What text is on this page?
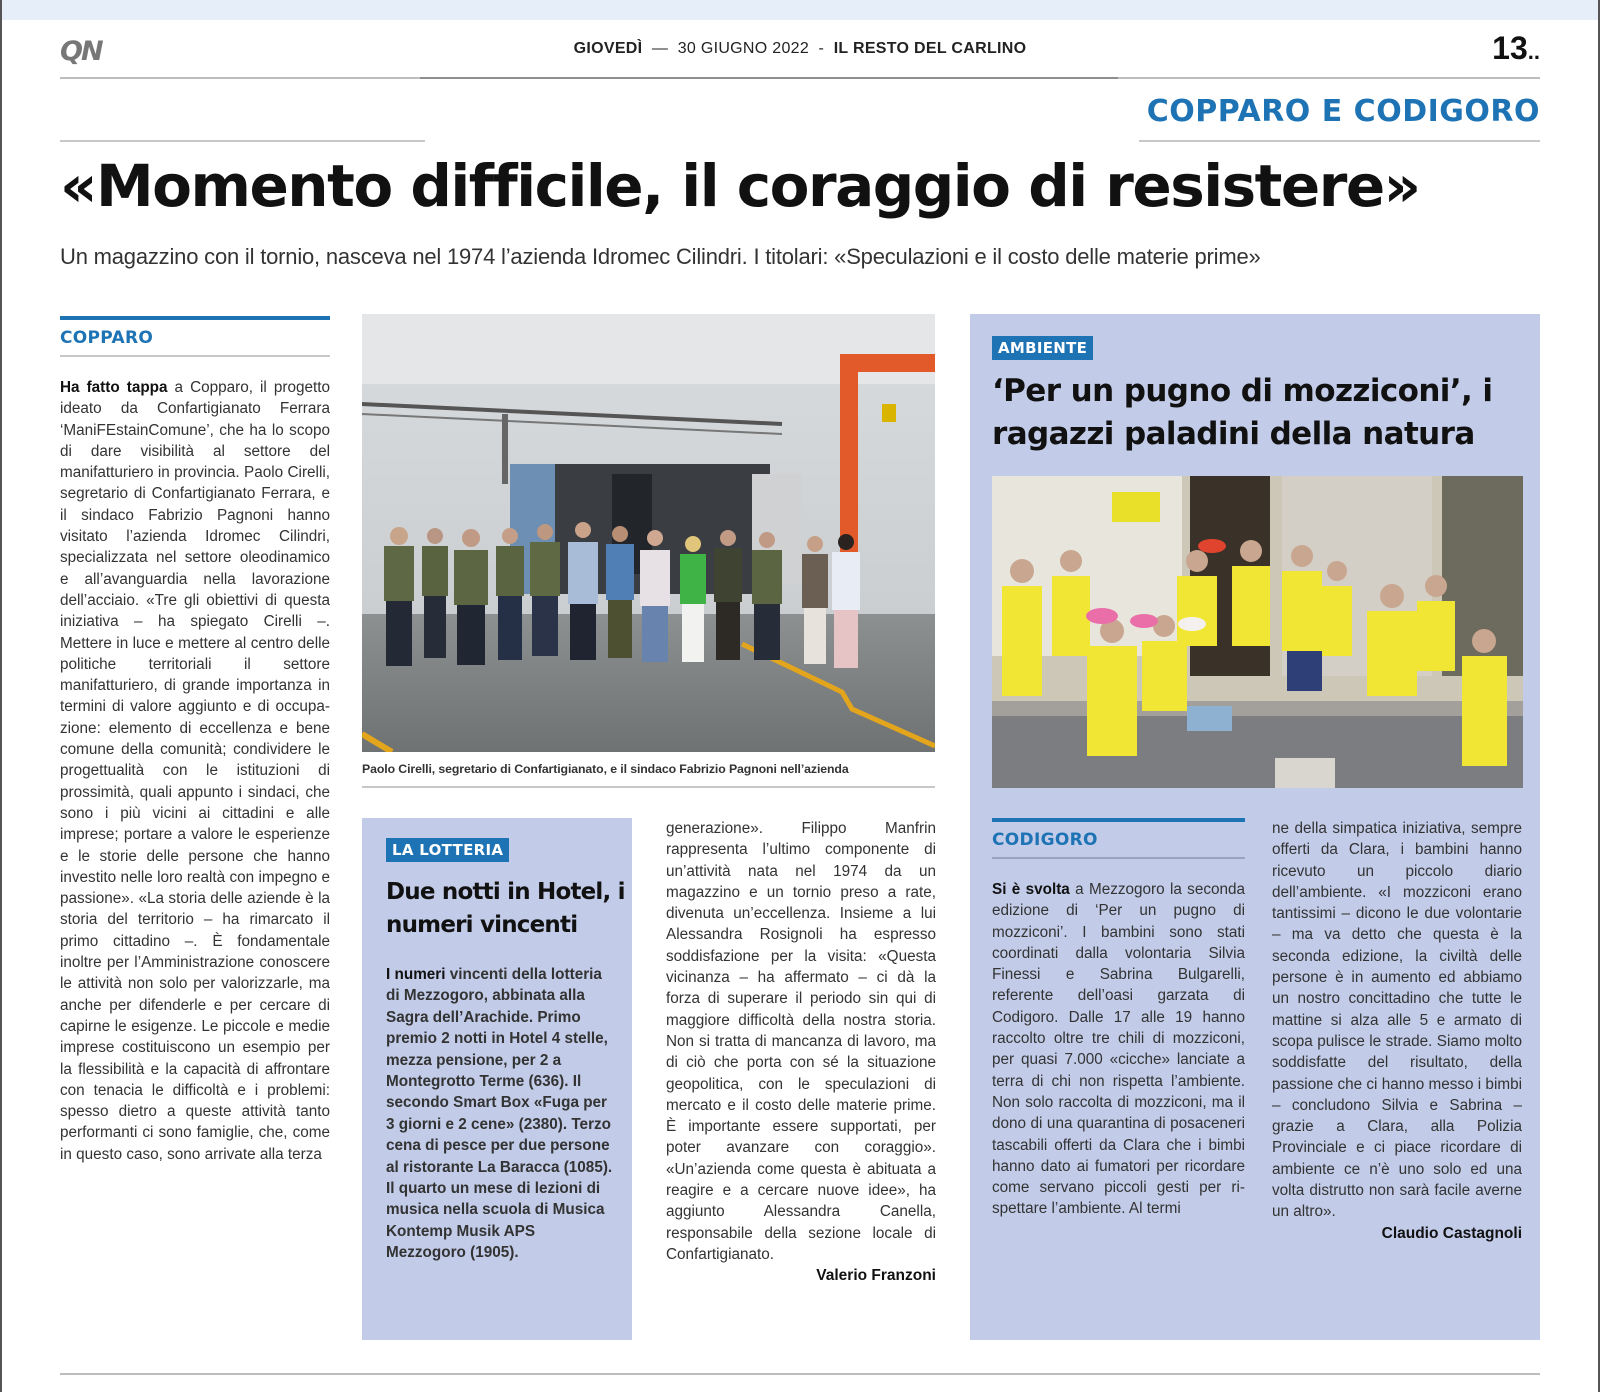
QN	GIOVEDÌ  —  30 GIUGNO 2022  -  IL RESTO DEL CARLINO	13..
COPPARO E CODIGORO
«Momento difficile, il coraggio di resistere»
Un magazzino con il tornio, nasceva nel 1974 l’azienda Idromec Cilindri. I titolari: «Speculazioni e il costo delle materie prime»
COPPARO
Ha fatto tappa a Copparo, il progetto ideato da Confartigianato Ferrara ‘ManiFEstainComune’, che ha lo scopo di dare visibilità al settore del manifatturiero in provincia. Paolo Cirelli, segretario di Confartigianato Ferrara, e il sindaco Fabrizio Pagnoni hanno visitato l’azienda Idromec Cilindri, specializzata nel settore oleodinamico e all’avanguardia nella lavorazione dell’acciaio. «Tre gli obiettivi di questa iniziativa – ha spiegato Cirelli –. Mettere in luce e mettere al centro delle politiche territoriali il settore manifatturiero, di grande importanza in termini di valore aggiunto e di occupazione: elemento di eccellenza e bene comune della comunità; condividere le progettualità con le istituzioni di prossimità, quali appunto i sindaci, che sono i più vicini ai cittadini e alle imprese; portare a valore le esperienze e le storie delle persone che hanno investito nelle loro realtà con impegno e passione». «La storia delle aziende è la storia del territorio – ha rimarcato il primo cittadino –. È fondamentale inoltre per l’Amministrazione conoscere le attività non solo per valorizzarle, ma anche per difenderle e per cercare di capirne le esigenze. Le piccole e medie imprese costituiscono un esempio per la flessibilità e la capacità di affrontare con tenacia le difficoltà e i problemi: spesso dietro a queste attività tanto performanti ci sono famiglie, che, come in questo caso, sono arrivate alla terza
Paolo Cirelli, segretario di Confartigianato, e il sindaco Fabrizio Pagnoni nell’azienda
LA LOTTERIA
Due notti in Hotel, i numeri vincenti
I numeri vincenti della lotteria di Mezzogoro, abbinata alla Sagra dell’Arachide. Primo premio 2 notti in Hotel 4 stelle, mezza pensione, per 2 a Montegrotto Terme (636). Il secondo Smart Box «Fuga per 3 giorni e 2 cene» (2380). Terzo cena di pesce per due persone al ristorante La Baracca (1085). Il quarto un mese di lezioni di musica nella scuola di Musica Kontemp Musik APS Mezzogoro (1905).
generazione». Filippo Manfrin rappresenta l’ultimo componente di un’attività nata nel 1974 da un magazzino e un tornio preso a rate, divenuta un’eccellenza. Insieme a lui Alessandra Rosignoli ha espresso soddisfazione per la visita: «Questa vicinanza – ha affermato – ci dà la forza di superare il periodo sin qui di maggiore difficoltà della nostra storia. Non si tratta di mancanza di lavoro, ma di ciò che porta con sé la situazione geopolitica, con le speculazioni di mercato e il costo delle materie prime. È importante essere supportati, per poter avanzare con coraggio». «Un’azienda come questa è abituata a reagire e a cercare nuove idee», ha aggiunto Alessandra Canella, responsabile della sezione locale di Confartigianato.
Valerio Franzoni
AMBIENTE
‘Per un pugno di mozziconi’, i ragazzi paladini della natura
CODIGORO
Si è svolta a Mezzogoro la seconda edizione di ‘Per un pugno di mozziconi’. I bambini sono stati coordinati dalla volontaria Silvia Finessi e Sabrina Bulgarelli, referente dell’oasi garzata di Codigoro. Dalle 17 alle 19 hanno raccolto oltre tre chili di mozziconi, per quasi 7.000 «cicche» lanciate a terra di chi non rispetta l’ambiente. Non solo raccolta di mozziconi, ma il dono di una quarantina di posaceneri tascabili offerti da Clara che i bimbi hanno dato ai fumatori per ricordare come servano piccoli gesti per rispettare l’ambiente. Al termi
ne della simpatica iniziativa, sempre offerti da Clara, i bambini hanno ricevuto un piccolo diario dell’ambiente. «I mozziconi erano tantissimi – dicono le due volontarie – ma va detto che questa è la seconda edizione, la civiltà delle persone è in aumento ed abbiamo un nostro concittadino che tutte le mattine si alza alle 5 e armato di scopa pulisce le strade. Siamo molto soddisfatte del risultato, della passione che ci hanno messo i bimbi – concludono Silvia e Sabrina – grazie a Clara, alla Polizia Provinciale e ci piace ricordare di ambiente ce n’è uno solo ed una volta distrutto non sarà facile averne un altro».
Claudio Castagnoli
